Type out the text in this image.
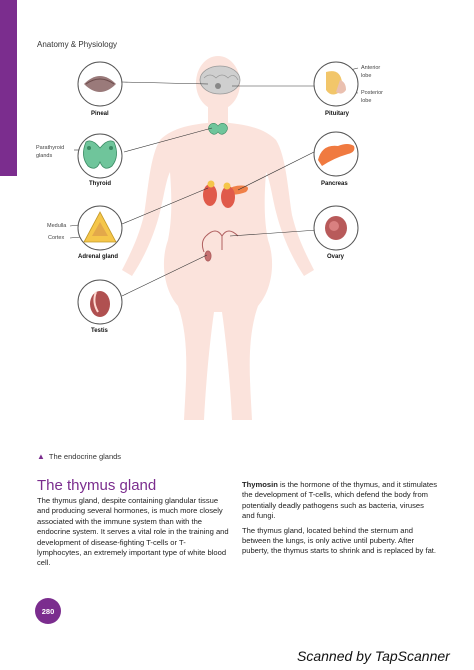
Anatomy & Physiology
Pineal	Pituitary
Anterior
lobe
Posterior
lobe
Parathyroid
glands
Thyroid	Pancreas
Medulla
Cortex
Adrenal gland	Ovary
Testis
▲ The endocrine glands
The thymus gland

The thymus gland, despite containing glandular tissue and producing several hormones, is much more closely associated with the immune system than with the endocrine system. It serves a vital role in the training and development of disease-fighting T-cells or T-lymphocytes, an extremely important type of white blood cell.

Thymosin is the hormone of the thymus, and it stimulates the development of T-cells, which defend the body from potentially deadly pathogens such as bacteria, viruses and fungi.

The thymus gland, located behind the sternum and between the lungs, is only active until puberty. After puberty, the thymus starts to shrink and is replaced by fat.

280
Scanned by TapScanner
